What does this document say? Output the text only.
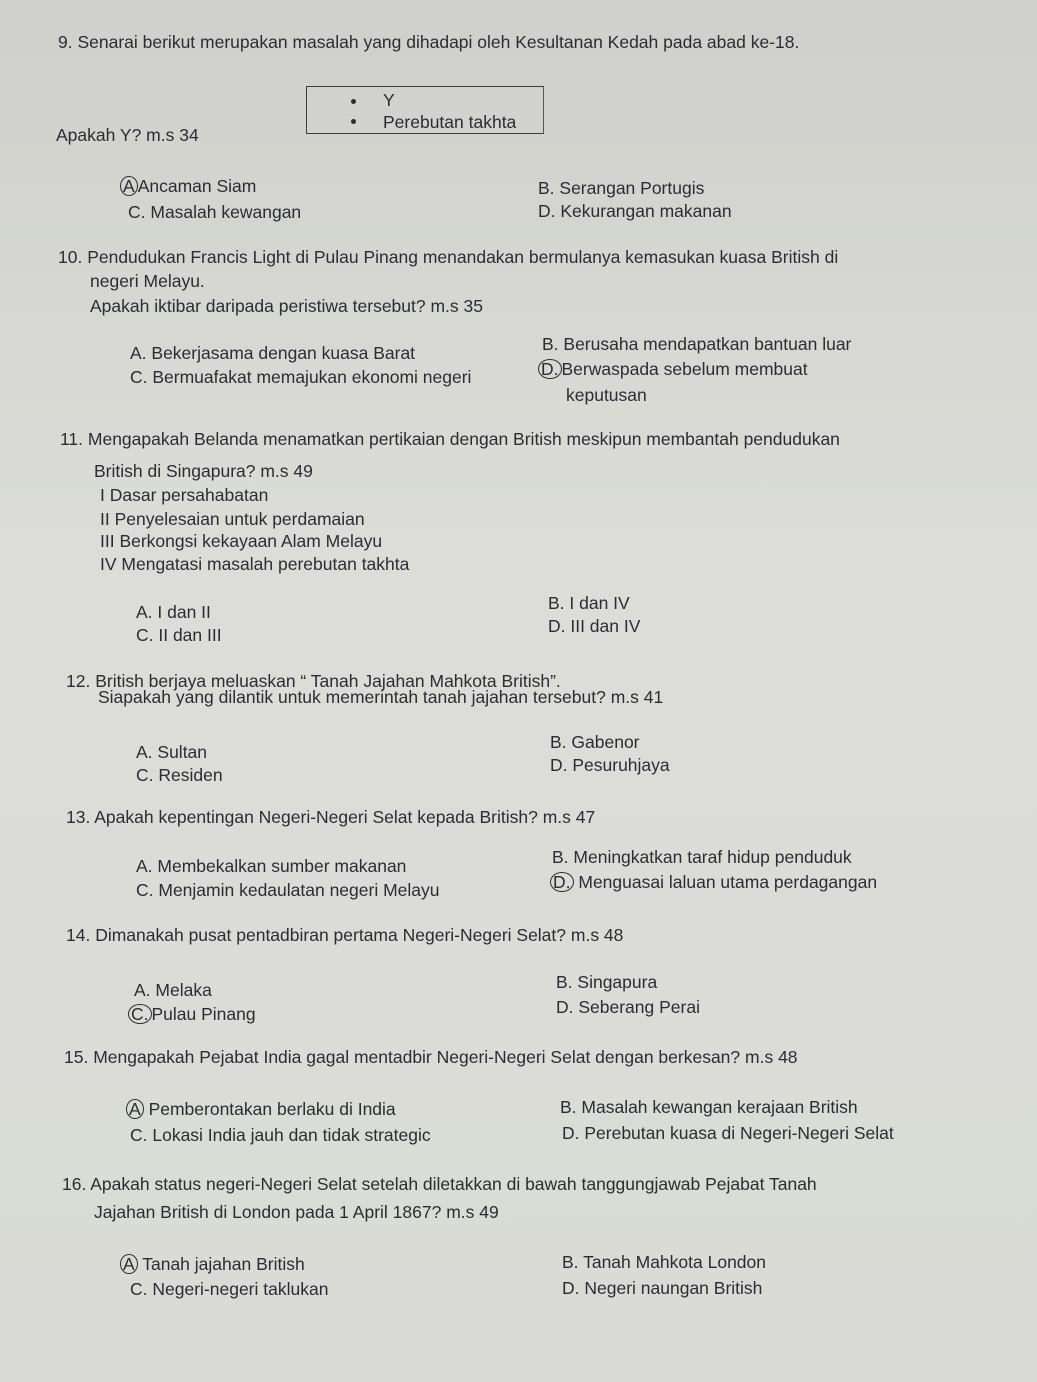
9. Senarai berikut merupakan masalah yang dihadapi oleh Kesultanan Kedah pada abad ke-18.
Y
Perebutan takhta
Apakah Y? m.s 34
A Ancaman Siam	B. Serangan Portugis
C. Masalah kewangan	D. Kekurangan makanan
10. Pendudukan Francis Light di Pulau Pinang menandakan bermulanya kemasukan kuasa British di
negeri Melayu.
Apakah iktibar daripada peristiwa tersebut? m.s 35
A. Bekerjasama dengan kuasa Barat	B. Berusaha mendapatkan bantuan luar
C. Bermuafakat memajukan ekonomi negeri	D. Berwaspada sebelum membuat
keputusan
11. Mengapakah Belanda menamatkan pertikaian dengan British meskipun membantah pendudukan
British di Singapura? m.s 49
I Dasar persahabatan
II Penyelesaian untuk perdamaian
III Berkongsi kekayaan Alam Melayu
IV Mengatasi masalah perebutan takhta
A. I dan II	B. I dan IV
C. II dan III	D. III dan IV
12. British berjaya meluaskan “ Tanah Jajahan Mahkota British”.
Siapakah yang dilantik untuk memerintah tanah jajahan tersebut? m.s 41
A. Sultan	B. Gabenor
C. Residen	D. Pesuruhjaya
13. Apakah kepentingan Negeri-Negeri Selat kepada British? m.s 47
A. Membekalkan sumber makanan	B. Meningkatkan taraf hidup penduduk
C. Menjamin kedaulatan negeri Melayu	D. Menguasai laluan utama perdagangan
14. Dimanakah pusat pentadbiran pertama Negeri-Negeri Selat? m.s 48
A. Melaka	B. Singapura
C. Pulau Pinang	D. Seberang Perai
15. Mengapakah Pejabat India gagal mentadbir Negeri-Negeri Selat dengan berkesan? m.s 48
A Pemberontakan berlaku di India	B. Masalah kewangan kerajaan British
C. Lokasi India jauh dan tidak strategic	D. Perebutan kuasa di Negeri-Negeri Selat
16. Apakah status negeri-Negeri Selat setelah diletakkan di bawah tanggungjawab Pejabat Tanah
Jajahan British di London pada 1 April 1867? m.s 49
A Tanah jajahan British	B. Tanah Mahkota London
C. Negeri-negeri taklukan	D. Negeri naungan British
